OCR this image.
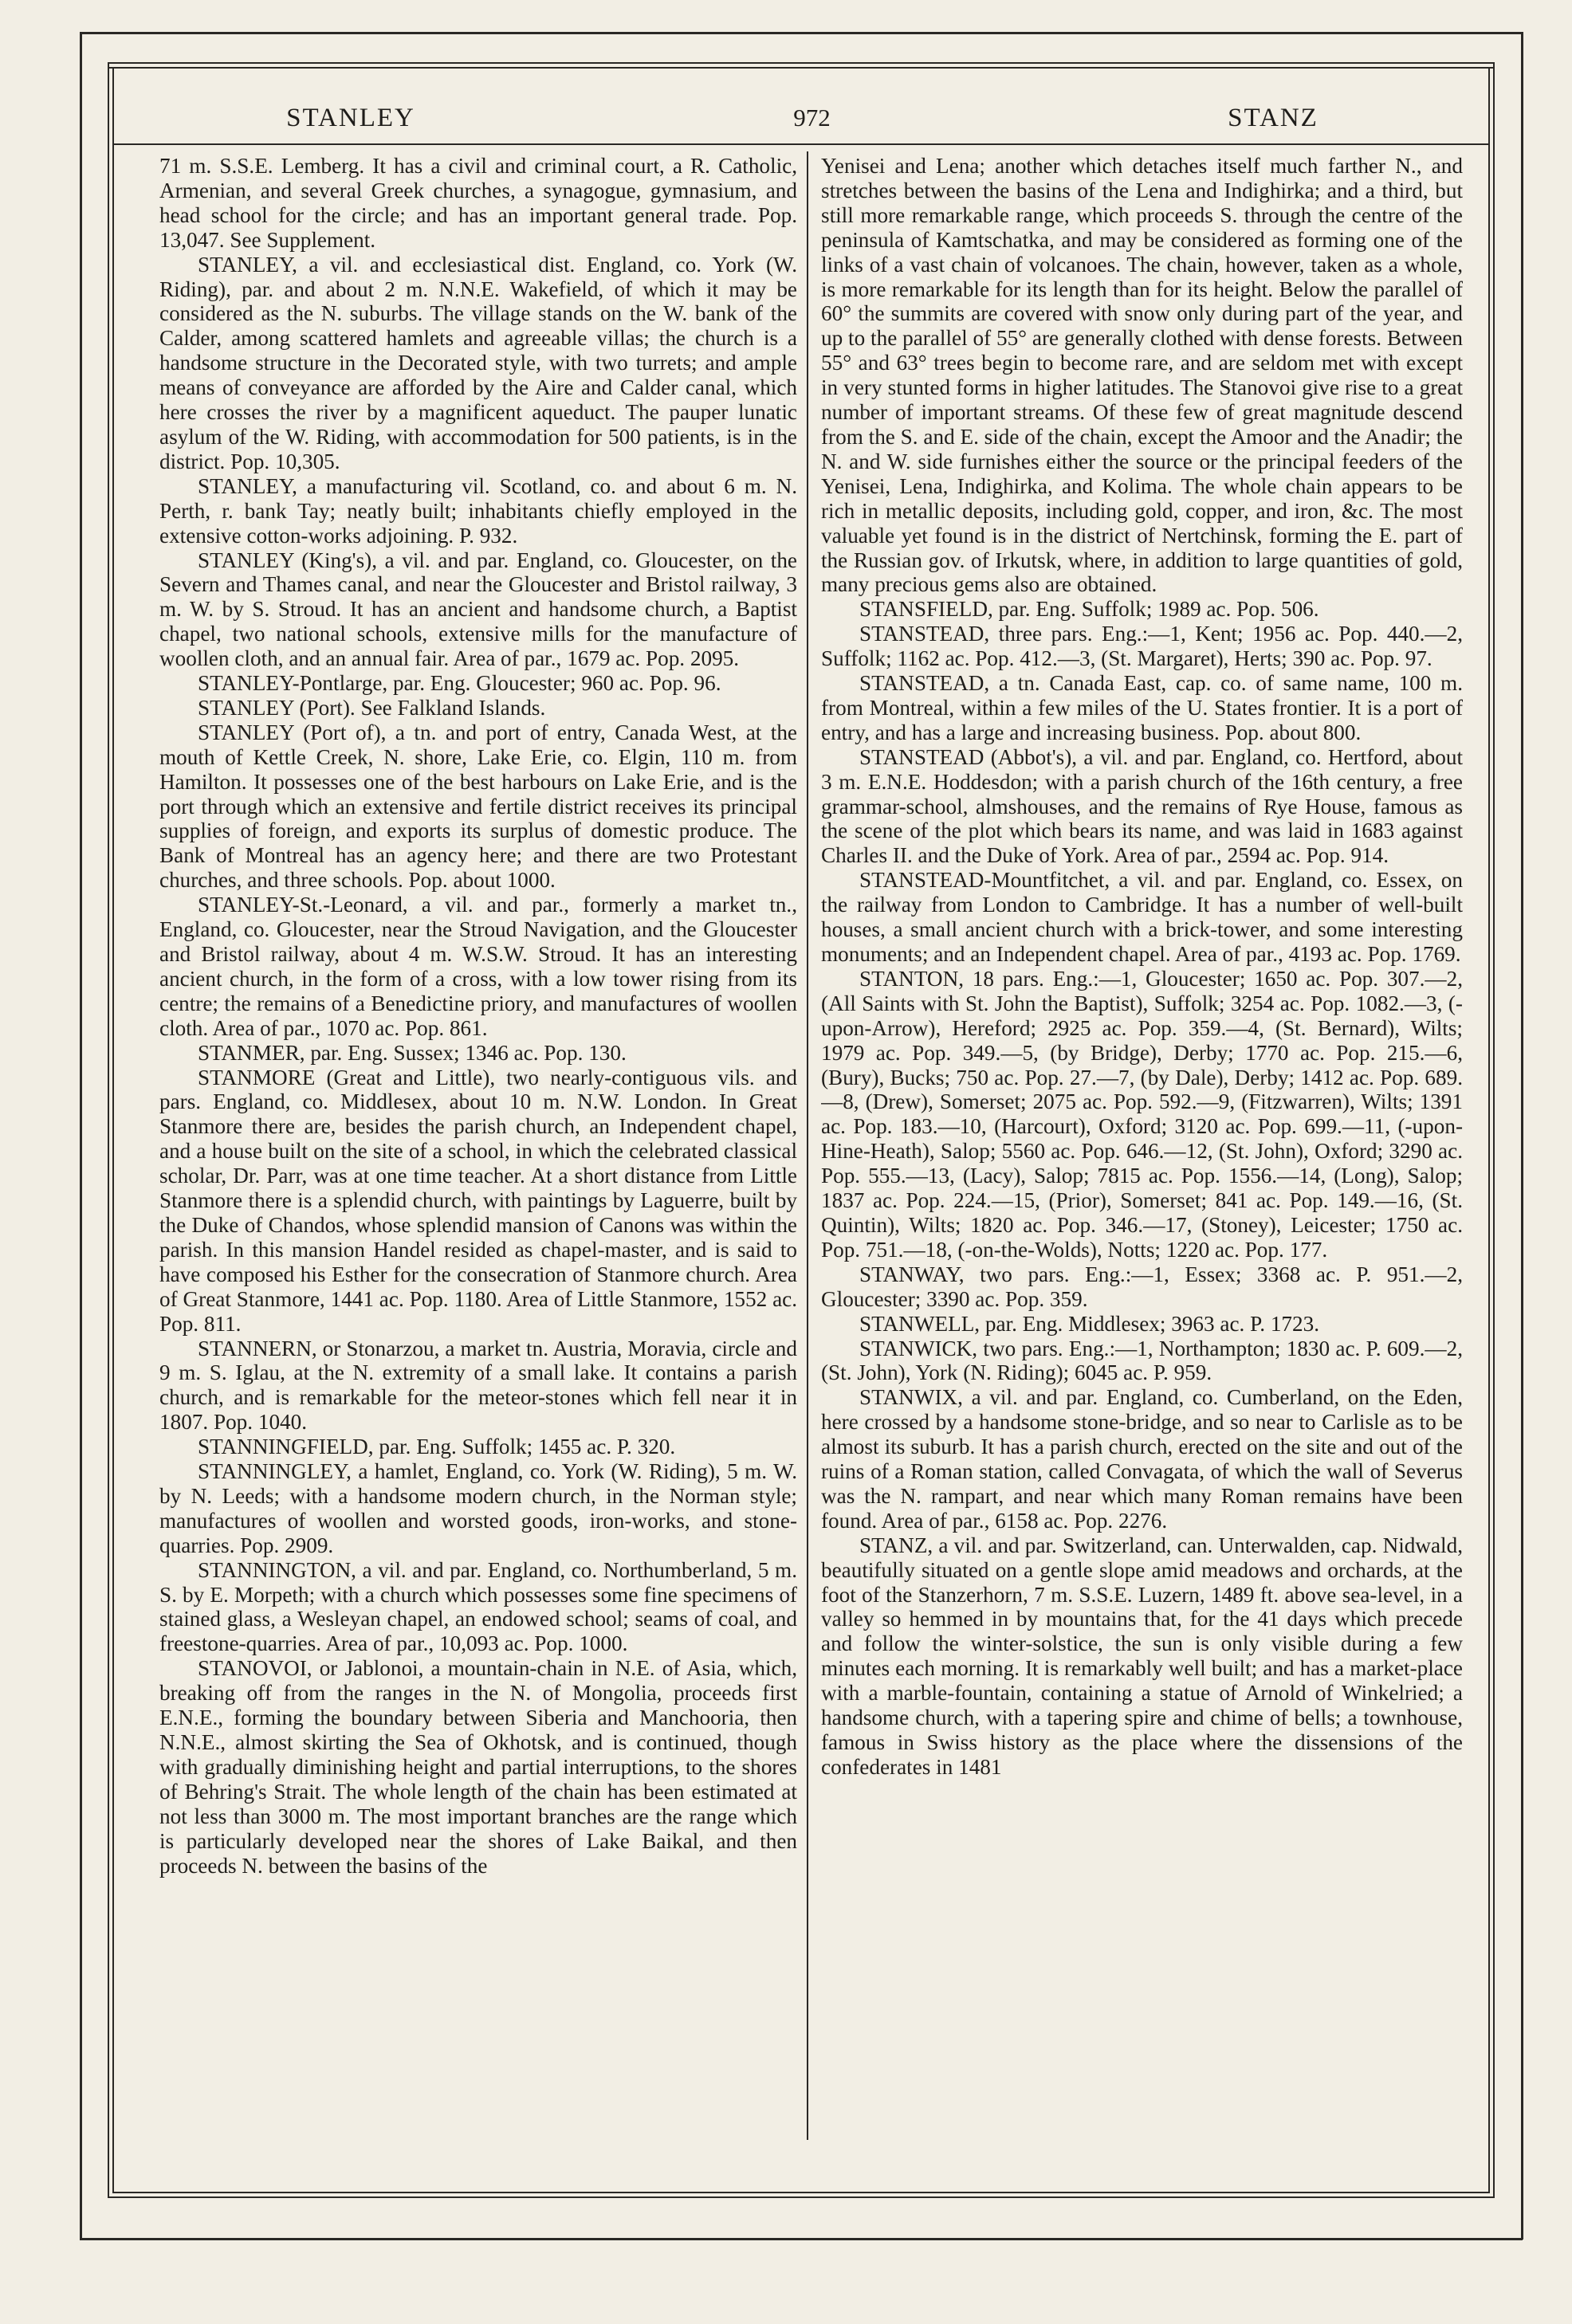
STANLEY	972	STANZ

71 m. S.S.E. Lemberg. It has a civil and criminal court, a R. Catholic, Armenian, and several Greek churches, a synagogue, gymnasium, and head school for the circle; and has an important general trade. Pop. 13,047. See Supplement.

STANLEY, a vil. and ecclesiastical dist. England, co. York (W. Riding), par. and about 2 m. N.N.E. Wakefield, of which it may be considered as the N. suburbs. The village stands on the W. bank of the Calder, among scattered hamlets and agreeable villas; the church is a handsome structure in the Decorated style, with two turrets; and ample means of conveyance are afforded by the Aire and Calder canal, which here crosses the river by a magnificent aqueduct. The pauper lunatic asylum of the W. Riding, with accommodation for 500 patients, is in the district. Pop. 10,305.

STANLEY, a manufacturing vil. Scotland, co. and about 6 m. N. Perth, r. bank Tay; neatly built; inhabitants chiefly employed in the extensive cotton-works adjoining. P. 932.

STANLEY (King's), a vil. and par. England, co. Gloucester, on the Severn and Thames canal, and near the Gloucester and Bristol railway, 3 m. W. by S. Stroud. It has an ancient and handsome church, a Baptist chapel, two national schools, extensive mills for the manufacture of woollen cloth, and an annual fair. Area of par., 1679 ac. Pop. 2095.

STANLEY-Pontlarge, par. Eng. Gloucester; 960 ac. Pop. 96.

STANLEY (Port). See Falkland Islands.

STANLEY (Port of), a tn. and port of entry, Canada West, at the mouth of Kettle Creek, N. shore, Lake Erie, co. Elgin, 110 m. from Hamilton. It possesses one of the best harbours on Lake Erie, and is the port through which an extensive and fertile district receives its principal supplies of foreign, and exports its surplus of domestic produce. The Bank of Montreal has an agency here; and there are two Protestant churches, and three schools. Pop. about 1000.

STANLEY-St.-Leonard, a vil. and par., formerly a market tn., England, co. Gloucester, near the Stroud Navigation, and the Gloucester and Bristol railway, about 4 m. W.S.W. Stroud. It has an interesting ancient church, in the form of a cross, with a low tower rising from its centre; the remains of a Benedictine priory, and manufactures of woollen cloth. Area of par., 1070 ac. Pop. 861.

STANMER, par. Eng. Sussex; 1346 ac. Pop. 130.

STANMORE (Great and Little), two nearly-contiguous vils. and pars. England, co. Middlesex, about 10 m. N.W. London. In Great Stanmore there are, besides the parish church, an Independent chapel, and a house built on the site of a school, in which the celebrated classical scholar, Dr. Parr, was at one time teacher. At a short distance from Little Stanmore there is a splendid church, with paintings by Laguerre, built by the Duke of Chandos, whose splendid mansion of Canons was within the parish. In this mansion Handel resided as chapel-master, and is said to have composed his Esther for the consecration of Stanmore church. Area of Great Stanmore, 1441 ac. Pop. 1180. Area of Little Stanmore, 1552 ac. Pop. 811.

STANNERN, or Stonarzou, a market tn. Austria, Moravia, circle and 9 m. S. Iglau, at the N. extremity of a small lake. It contains a parish church, and is remarkable for the meteor-stones which fell near it in 1807. Pop. 1040.

STANNINGFIELD, par. Eng. Suffolk; 1455 ac. P. 320.

STANNINGLEY, a hamlet, England, co. York (W. Riding), 5 m. W. by N. Leeds; with a handsome modern church, in the Norman style; manufactures of woollen and worsted goods, iron-works, and stone-quarries. Pop. 2909.

STANNINGTON, a vil. and par. England, co. Northumberland, 5 m. S. by E. Morpeth; with a church which possesses some fine specimens of stained glass, a Wesleyan chapel, an endowed school; seams of coal, and freestone-quarries. Area of par., 10,093 ac. Pop. 1000.

STANOVOI, or Jablonoi, a mountain-chain in N.E. of Asia, which, breaking off from the ranges in the N. of Mongolia, proceeds first E.N.E., forming the boundary between Siberia and Manchooria, then N.N.E., almost skirting the Sea of Okhotsk, and is continued, though with gradually diminishing height and partial interruptions, to the shores of Behring's Strait. The whole length of the chain has been estimated at not less than 3000 m. The most important branches are the range which is particularly developed near the shores of Lake Baikal, and then proceeds N. between the basins of the

Yenisei and Lena; another which detaches itself much farther N., and stretches between the basins of the Lena and Indighirka; and a third, but still more remarkable range, which proceeds S. through the centre of the peninsula of Kamtschatka, and may be considered as forming one of the links of a vast chain of volcanoes. The chain, however, taken as a whole, is more remarkable for its length than for its height. Below the parallel of 60° the summits are covered with snow only during part of the year, and up to the parallel of 55° are generally clothed with dense forests. Between 55° and 63° trees begin to become rare, and are seldom met with except in very stunted forms in higher latitudes. The Stanovoi give rise to a great number of important streams. Of these few of great magnitude descend from the S. and E. side of the chain, except the Amoor and the Anadir; the N. and W. side furnishes either the source or the principal feeders of the Yenisei, Lena, Indighirka, and Kolima. The whole chain appears to be rich in metallic deposits, including gold, copper, and iron, &c. The most valuable yet found is in the district of Nertchinsk, forming the E. part of the Russian gov. of Irkutsk, where, in addition to large quantities of gold, many precious gems also are obtained.

STANSFIELD, par. Eng. Suffolk; 1989 ac. Pop. 506.

STANSTEAD, three pars. Eng.:—1, Kent; 1956 ac. Pop. 440.—2, Suffolk; 1162 ac. Pop. 412.—3, (St. Margaret), Herts; 390 ac. Pop. 97.

STANSTEAD, a tn. Canada East, cap. co. of same name, 100 m. from Montreal, within a few miles of the U. States frontier. It is a port of entry, and has a large and increasing business. Pop. about 800.

STANSTEAD (Abbot's), a vil. and par. England, co. Hertford, about 3 m. E.N.E. Hoddesdon; with a parish church of the 16th century, a free grammar-school, almshouses, and the remains of Rye House, famous as the scene of the plot which bears its name, and was laid in 1683 against Charles II. and the Duke of York. Area of par., 2594 ac. Pop. 914.

STANSTEAD-Mountfitchet, a vil. and par. England, co. Essex, on the railway from London to Cambridge. It has a number of well-built houses, a small ancient church with a brick-tower, and some interesting monuments; and an Independent chapel. Area of par., 4193 ac. Pop. 1769.

STANTON, 18 pars. Eng.:—1, Gloucester; 1650 ac. Pop. 307.—2, (All Saints with St. John the Baptist), Suffolk; 3254 ac. Pop. 1082.—3, (-upon-Arrow), Hereford; 2925 ac. Pop. 359.—4, (St. Bernard), Wilts; 1979 ac. Pop. 349.—5, (by Bridge), Derby; 1770 ac. Pop. 215.—6, (Bury), Bucks; 750 ac. Pop. 27.—7, (by Dale), Derby; 1412 ac. Pop. 689.—8, (Drew), Somerset; 2075 ac. Pop. 592.—9, (Fitzwarren), Wilts; 1391 ac. Pop. 183.—10, (Harcourt), Oxford; 3120 ac. Pop. 699.—11, (-upon-Hine-Heath), Salop; 5560 ac. Pop. 646.—12, (St. John), Oxford; 3290 ac. Pop. 555.—13, (Lacy), Salop; 7815 ac. Pop. 1556.—14, (Long), Salop; 1837 ac. Pop. 224.—15, (Prior), Somerset; 841 ac. Pop. 149.—16, (St. Quintin), Wilts; 1820 ac. Pop. 346.—17, (Stoney), Leicester; 1750 ac. Pop. 751.—18, (-on-the-Wolds), Notts; 1220 ac. Pop. 177.

STANWAY, two pars. Eng.:—1, Essex; 3368 ac. P. 951.—2, Gloucester; 3390 ac. Pop. 359.

STANWELL, par. Eng. Middlesex; 3963 ac. P. 1723.

STANWICK, two pars. Eng.:—1, Northampton; 1830 ac. P. 609.—2, (St. John), York (N. Riding); 6045 ac. P. 959.

STANWIX, a vil. and par. England, co. Cumberland, on the Eden, here crossed by a handsome stone-bridge, and so near to Carlisle as to be almost its suburb. It has a parish church, erected on the site and out of the ruins of a Roman station, called Convagata, of which the wall of Severus was the N. rampart, and near which many Roman remains have been found. Area of par., 6158 ac. Pop. 2276.

STANZ, a vil. and par. Switzerland, can. Unterwalden, cap. Nidwald, beautifully situated on a gentle slope amid meadows and orchards, at the foot of the Stanzerhorn, 7 m. S.S.E. Luzern, 1489 ft. above sea-level, in a valley so hemmed in by mountains that, for the 41 days which precede and follow the winter-solstice, the sun is only visible during a few minutes each morning. It is remarkably well built; and has a market-place with a marble-fountain, containing a statue of Arnold of Winkelried; a handsome church, with a tapering spire and chime of bells; a townhouse, famous in Swiss history as the place where the dissensions of the confederates in 1481
